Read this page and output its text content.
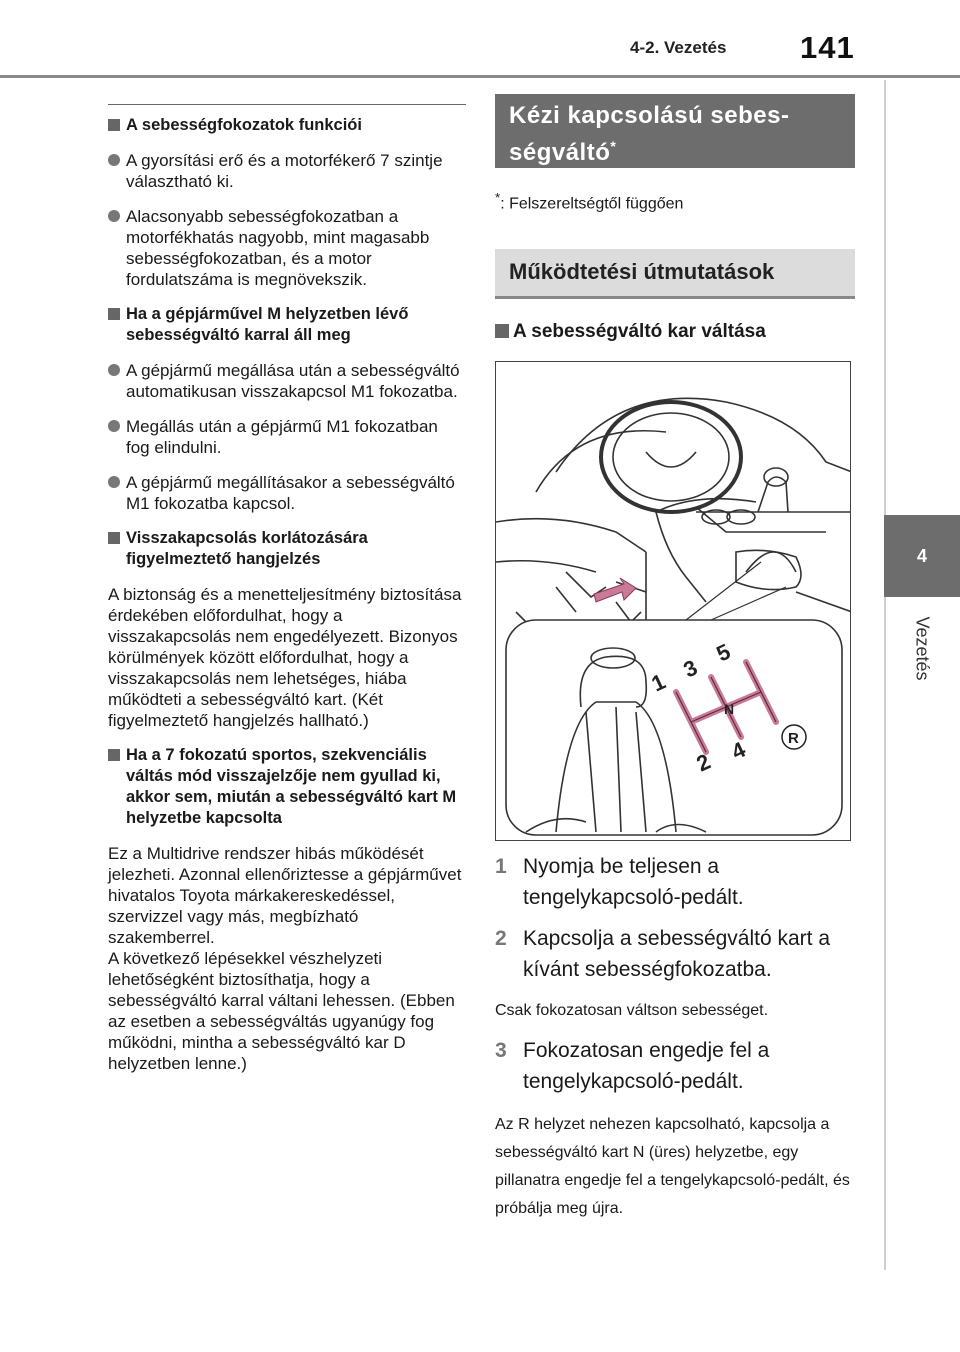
4-2. Vezetés 141
4
Vezetés
A sebességfokozatok funkciói
A gyorsítási erő és a motorfékerő 7 szintje választható ki.
Alacsonyabb sebességfokozatban a motorfékhatás nagyobb, mint magasabb sebességfokozatban, és a motor fordulatszáma is megnövekszik.
Ha a gépjárművel M helyzetben lévő sebességváltó karral áll meg
A gépjármű megállása után a sebességváltó automatikusan visszakapcsol M1 fokozatba.
Megállás után a gépjármű M1 fokozatban fog elindulni.
A gépjármű megállításakor a sebességváltó M1 fokozatba kapcsol.
Visszakapcsolás korlátozására figyelmeztető hangjelzés
A biztonság és a menetteljesítmény biztosítása érdekében előfordulhat, hogy a visszakapcsolás nem engedélyezett. Bizonyos körülmények között előfordulhat, hogy a visszakapcsolás nem lehetséges, hiába működteti a sebességváltó kart. (Két figyelmeztető hangjelzés hallható.)
Ha a 7 fokozatú sportos, szekvenciális váltás mód visszajelzője nem gyullad ki, akkor sem, miután a sebességváltó kart M helyzetbe kapcsolta
Ez a Multidrive rendszer hibás működését jelezheti. Azonnal ellenőriztesse a gépjárművet hivatalos Toyota márkakereskedéssel, szervizzel vagy más, megbízható szakemberrel.
A következő lépésekkel vészhelyzeti lehetőségként biztosíthatja, hogy a sebességváltó karral váltani lehessen. (Ebben az esetben a sebességváltás ugyanúgy fog működni, mintha a sebességváltó kar D helyzetben lenne.)
Kézi kapcsolású sebes-
ségváltó*
*: Felszereltségtől függően
Működtetési útmutatások
A sebességváltó kar váltása
1
2
3
4
5
N
R
1 Nyomja be teljesen a tengelykapcsoló-pedált.
2 Kapcsolja a sebességváltó kart a kívánt sebességfokozatba.
Csak fokozatosan váltson sebességet.
3 Fokozatosan engedje fel a tengelykapcsoló-pedált.
Az R helyzet nehezen kapcsolható, kapcsolja a sebességváltó kart N (üres) helyzetbe, egy pillanatra engedje fel a tengelykapcsoló-pedált, és próbálja meg újra.
